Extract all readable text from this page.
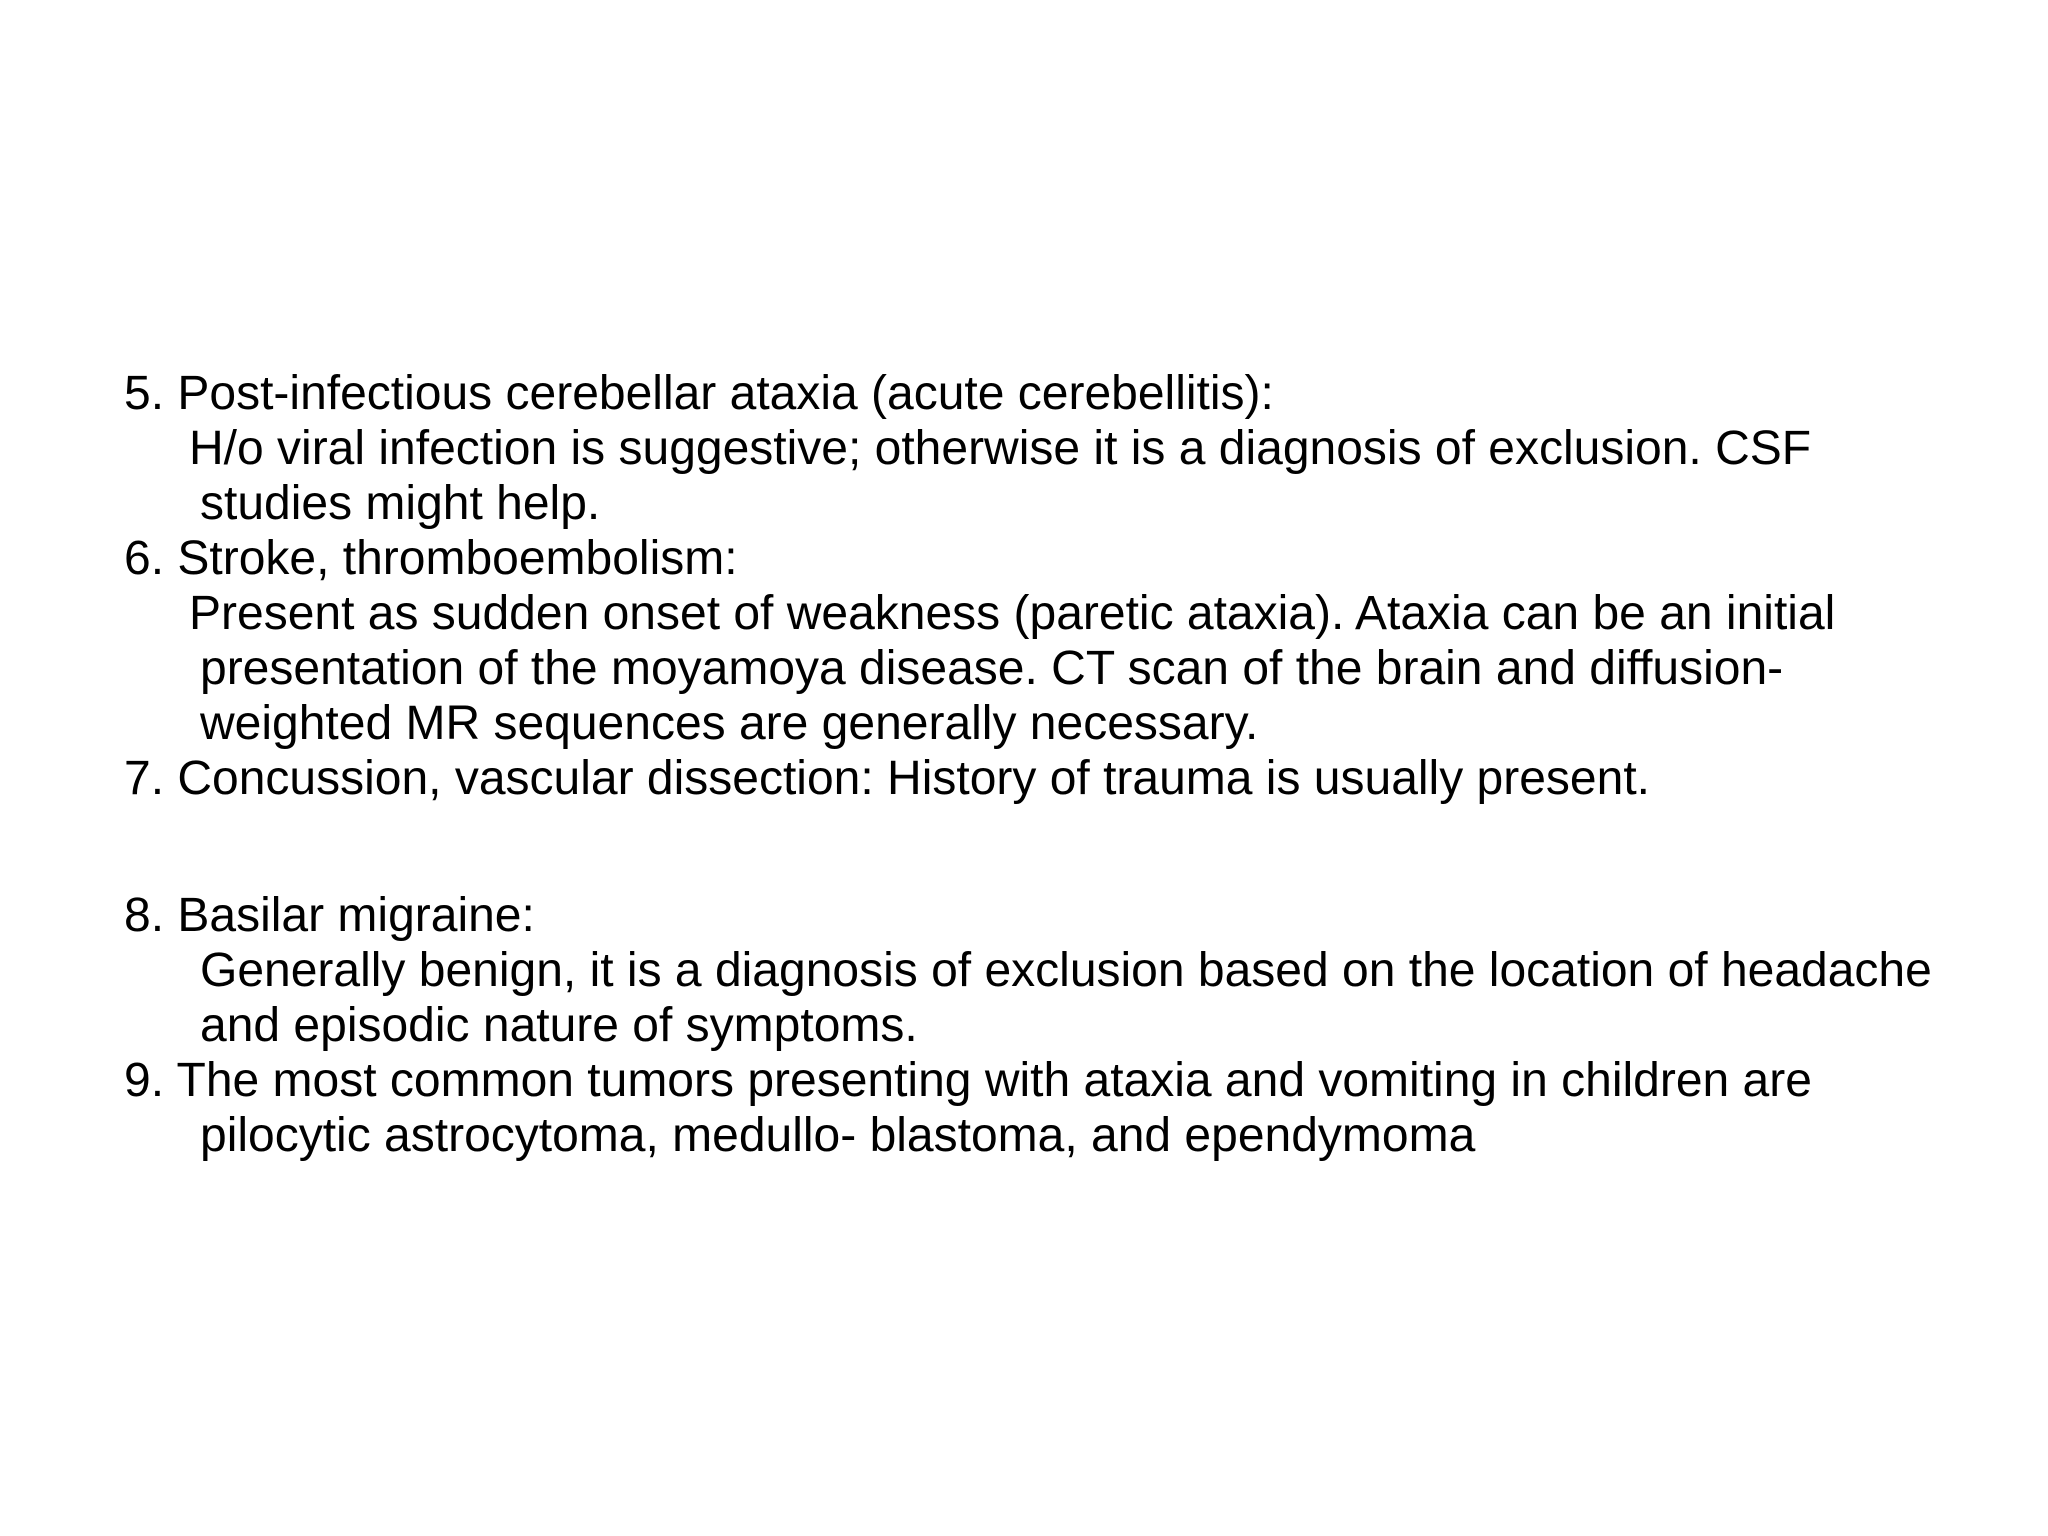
5. Post-infectious cerebellar ataxia (acute cerebellitis):
H/o viral infection is suggestive; otherwise it is a diagnosis of exclusion. CSF studies might help.
6. Stroke, thromboembolism:
Present as sudden onset of weakness (paretic ataxia). Ataxia can be an initial presentation of the moyamoya disease. CT scan of the brain and diffusion-weighted MR sequences are generally necessary.
7. Concussion, vascular dissection: History of trauma is usually present.
8. Basilar migraine:
Generally benign, it is a diagnosis of exclusion based on the location of headache and episodic nature of symptoms.
9. The most common tumors presenting with ataxia and vomiting in children are pilocytic astrocytoma, medullo- blastoma, and ependymoma
